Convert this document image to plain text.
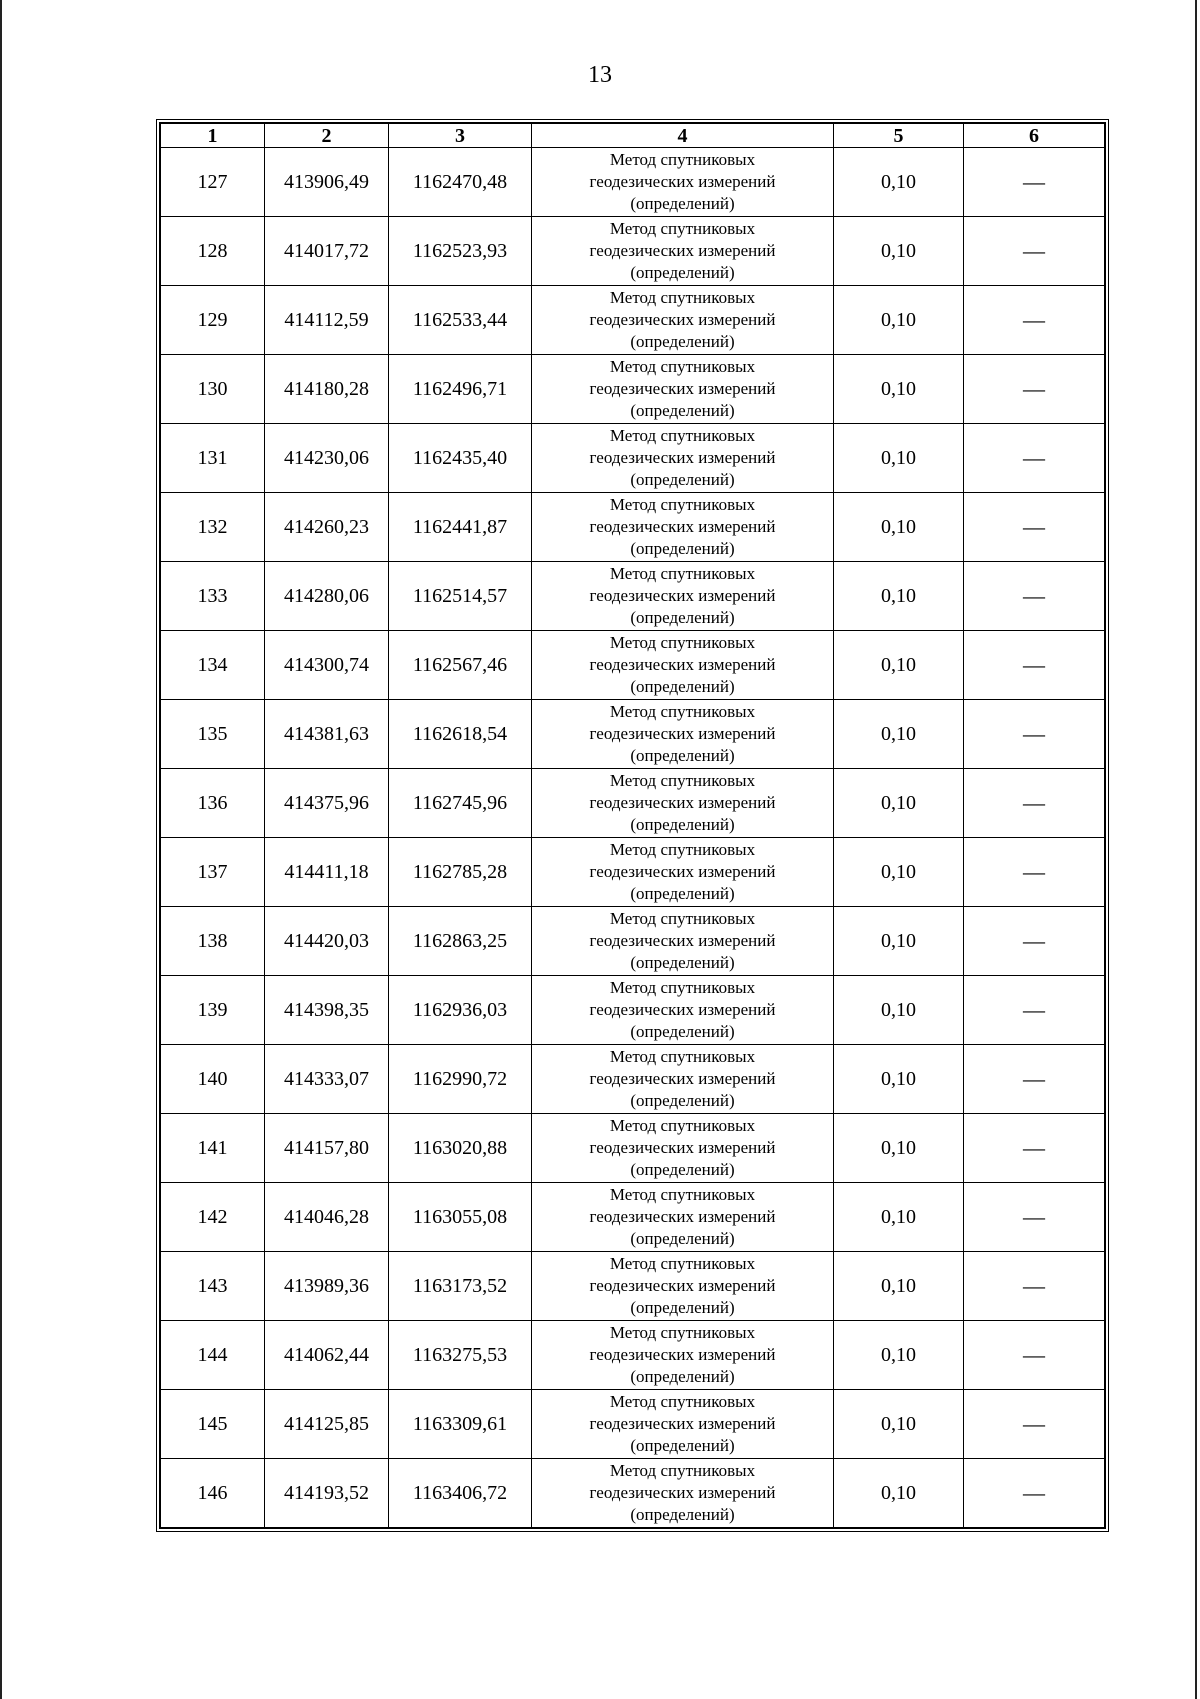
13
1	2	3	4	5	6
127	413906,49	1162470,48	Метод спутниковых
геодезических измерений
(определений)	0,10	—
128	414017,72	1162523,93	Метод спутниковых
геодезических измерений
(определений)	0,10	—
129	414112,59	1162533,44	Метод спутниковых
геодезических измерений
(определений)	0,10	—
130	414180,28	1162496,71	Метод спутниковых
геодезических измерений
(определений)	0,10	—
131	414230,06	1162435,40	Метод спутниковых
геодезических измерений
(определений)	0,10	—
132	414260,23	1162441,87	Метод спутниковых
геодезических измерений
(определений)	0,10	—
133	414280,06	1162514,57	Метод спутниковых
геодезических измерений
(определений)	0,10	—
134	414300,74	1162567,46	Метод спутниковых
геодезических измерений
(определений)	0,10	—
135	414381,63	1162618,54	Метод спутниковых
геодезических измерений
(определений)	0,10	—
136	414375,96	1162745,96	Метод спутниковых
геодезических измерений
(определений)	0,10	—
137	414411,18	1162785,28	Метод спутниковых
геодезических измерений
(определений)	0,10	—
138	414420,03	1162863,25	Метод спутниковых
геодезических измерений
(определений)	0,10	—
139	414398,35	1162936,03	Метод спутниковых
геодезических измерений
(определений)	0,10	—
140	414333,07	1162990,72	Метод спутниковых
геодезических измерений
(определений)	0,10	—
141	414157,80	1163020,88	Метод спутниковых
геодезических измерений
(определений)	0,10	—
142	414046,28	1163055,08	Метод спутниковых
геодезических измерений
(определений)	0,10	—
143	413989,36	1163173,52	Метод спутниковых
геодезических измерений
(определений)	0,10	—
144	414062,44	1163275,53	Метод спутниковых
геодезических измерений
(определений)	0,10	—
145	414125,85	1163309,61	Метод спутниковых
геодезических измерений
(определений)	0,10	—
146	414193,52	1163406,72	Метод спутниковых
геодезических измерений
(определений)	0,10	—
